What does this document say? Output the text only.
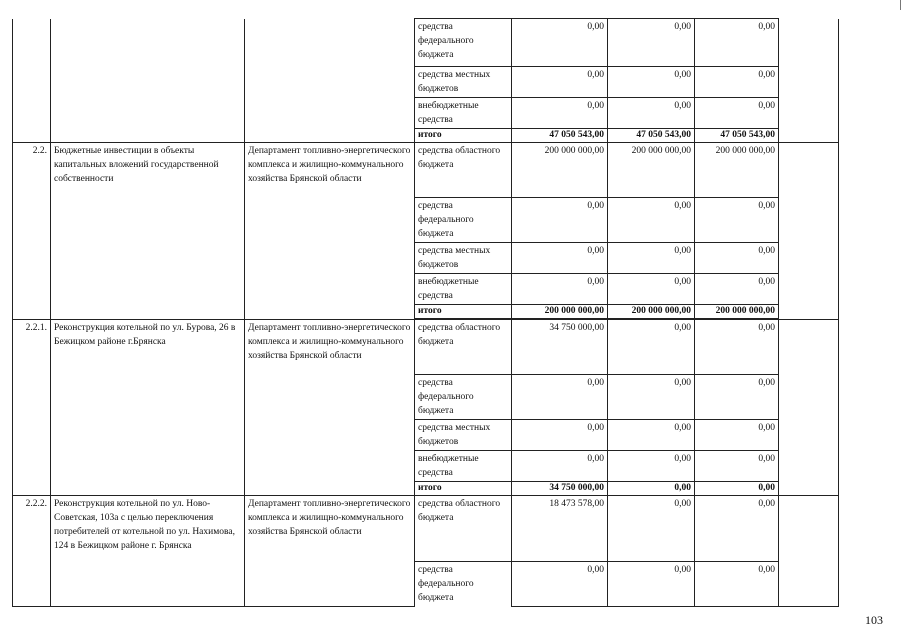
			средства федерального бюджета	0,00	0,00	0,00	
			средства местных бюджетов	0,00	0,00	0,00	
			внебюджетные средства	0,00	0,00	0,00	
			итого	47 050 543,00	47 050 543,00	47 050 543,00	
2.2.	Бюджетные инвестиции в объекты капитальных вложений государственной собственности	Департамент топливно-энергетического комплекса и жилищно-коммунального хозяйства Брянской области	средства областного бюджета	200 000 000,00	200 000 000,00	200 000 000,00	
			средства федерального бюджета	0,00	0,00	0,00	
			средства местных бюджетов	0,00	0,00	0,00	
			внебюджетные средства	0,00	0,00	0,00	
			итого	200 000 000,00	200 000 000,00	200 000 000,00	

2.2.1.	Реконструкция котельной по ул. Бурова, 26 в Бежицком районе г.Брянска	Департамент топливно-энергетического комплекса и жилищно-коммунального хозяйства Брянской области	средства областного бюджета	34 750 000,00	0,00	0,00	
			средства федерального бюджета	0,00	0,00	0,00	
			средства местных бюджетов	0,00	0,00	0,00	
			внебюджетные средства	0,00	0,00	0,00	
			итого	34 750 000,00	0,00	0,00	
2.2.2.	Реконструкция котельной по ул. Ново-Советская, 103а с целью переключения потребителей от котельной по ул. Нахимова, 124 в Бежицком районе г. Брянска	Департамент топливно-энергетического комплекса и жилищно-коммунального хозяйства Брянской области	средства областного бюджета	18 473 578,00	0,00	0,00	
			средства федерального бюджета	0,00	0,00	0,00	
103
